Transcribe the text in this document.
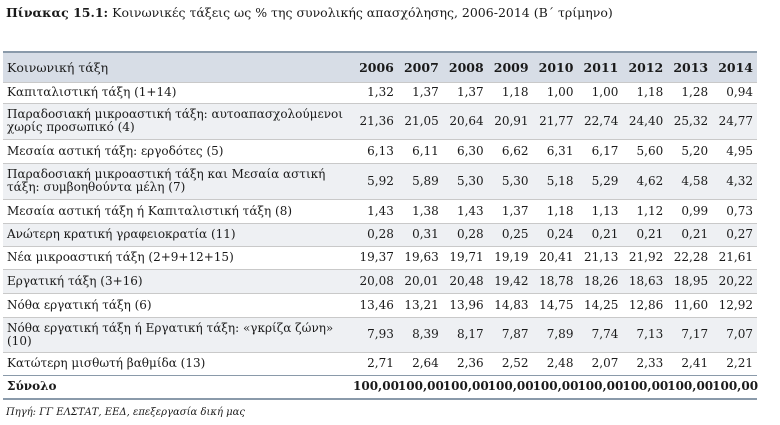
Πίνακας 15.1: Κοινωνικές τάξεις ως % της συνολικής απασχόλησης, 2006-2014 (Β΄ τρίμηνο)
Κοινωνική τάξη	2006	2007	2008	2009	2010	2011	2012	2013	2014
Καπιταλιστική τάξη (1+14)	1,32	1,37	1,37	1,18	1,00	1,00	1,18	1,28	0,94
Παραδοσιακή μικροαστική τάξη: αυτοαπασχολούμενοι χωρίς προσωπικό (4)	21,36	21,05	20,64	20,91	21,77	22,74	24,40	25,32	24,77
Μεσαία αστική τάξη: εργοδότες (5)	6,13	6,11	6,30	6,62	6,31	6,17	5,60	5,20	4,95
Παραδοσιακή μικροαστική τάξη και Μεσαία αστική τάξη: συμβοηθούντα μέλη (7)	5,92	5,89	5,30	5,30	5,18	5,29	4,62	4,58	4,32
Μεσαία αστική τάξη ή Καπιταλιστική τάξη (8)	1,43	1,38	1,43	1,37	1,18	1,13	1,12	0,99	0,73
Ανώτερη κρατική γραφειοκρατία (11)	0,28	0,31	0,28	0,25	0,24	0,21	0,21	0,21	0,27
Νέα μικροαστική τάξη (2+9+12+15)	19,37	19,63	19,71	19,19	20,41	21,13	21,92	22,28	21,61
Εργατική τάξη (3+16)	20,08	20,01	20,48	19,42	18,78	18,26	18,63	18,95	20,22
Νόθα εργατική τάξη (6)	13,46	13,21	13,96	14,83	14,75	14,25	12,86	11,60	12,92
Νόθα εργατική τάξη ή Εργατική τάξη: «γκρίζα ζώνη» (10)	7,93	8,39	8,17	7,87	7,89	7,74	7,13	7,17	7,07
Κατώτερη μισθωτή βαθμίδα (13)	2,71	2,64	2,36	2,52	2,48	2,07	2,33	2,41	2,21
Σύνολο	100,00	100,00	100,00	100,00	100,00	100,00	100,00	100,00	100,00
Πηγή: ΓΓ ΕΛΣΤΑΤ, ΕΕΔ, επεξεργασία δική μας
